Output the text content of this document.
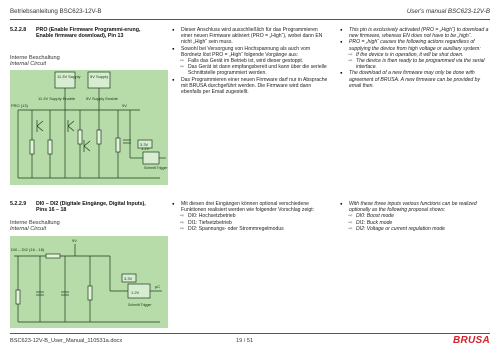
Betriebsanleitung BSC623-12V-B	User's manual BSC623-12V-B
5.2.2.8 PRO (Enable Firmware Programmi-erung, Enable firmware download), Pin 13
Interne Beschaltung
Internal Circuit
11.3V Supply 5V Supply
11.3V Supply Enable	5V Supply Enable
PRO (13)	9V
3.3V
1.2V
Schmitt Trigger

● Dieser Anschluss wird ausschließlich für das Programmieren einer neuen Firmware aktiviert (PRO = „High“), wobei dann EN nicht „High“ sein muss.

● Sowohl bei Versorgung von Hochspannung als auch vom Bordnetz löst PRO = „High“ folgende Vorgänge aus:

⇨ Falls das Gerät im Betrieb ist, wird dieser gestoppt.

⇨ Das Gerät ist dann empfangsbereit und kann über die serielle Schnittstelle programmiert werden.

● Das Programmieren einer neuen Firmware darf nur in Absprache mit BRUSA durchgeführt werden. Die Firmware wird dann ebenfalls per Email zugestellt.

● This pin is exclusively activated (PRO = „High“) to download a new firmware, whereas EN does not have to be „high“.

● PRO = „high“ causes the following actions regardless of supplying the device from high voltage or auxiliary system:

⇨ If the device is in operation, it will be shut down.

⇨ The device is then ready to be programmed via the serial interface.

● The download of a new firmware may only be done with agreement of BRUSA. A new firmware can be provided by email then.

5.2.2.9 DI0 – DI2 (Digitale Eingänge, Digital Inputs), Pins 16 – 18
Interne Beschaltung
Internal Circuit
DI0 – DI2 (16 - 18)
9V
3.3V
1.2V
Schmitt Trigger
µC

● Mit diesen drei Eingängen können optional verschiedene Funktionen realisiert werden wie folgender Vorschlag zeigt:

⇨ DI0: Hochsetzbetrieb

⇨ DI1: Tiefsetzbetrieb

⇨ DI2: Spannungs- oder Strommregelmodus

● With these three inputs various functions can be realized optionally as the following proposal shows:

⇨ DI0: Boost mode

⇨ DI1: Buck mode

⇨ DI2: Voltage or current regulation mode

BSC623-12V-B_User_Manual_110531a.docx	19 / 51	BRUSA
